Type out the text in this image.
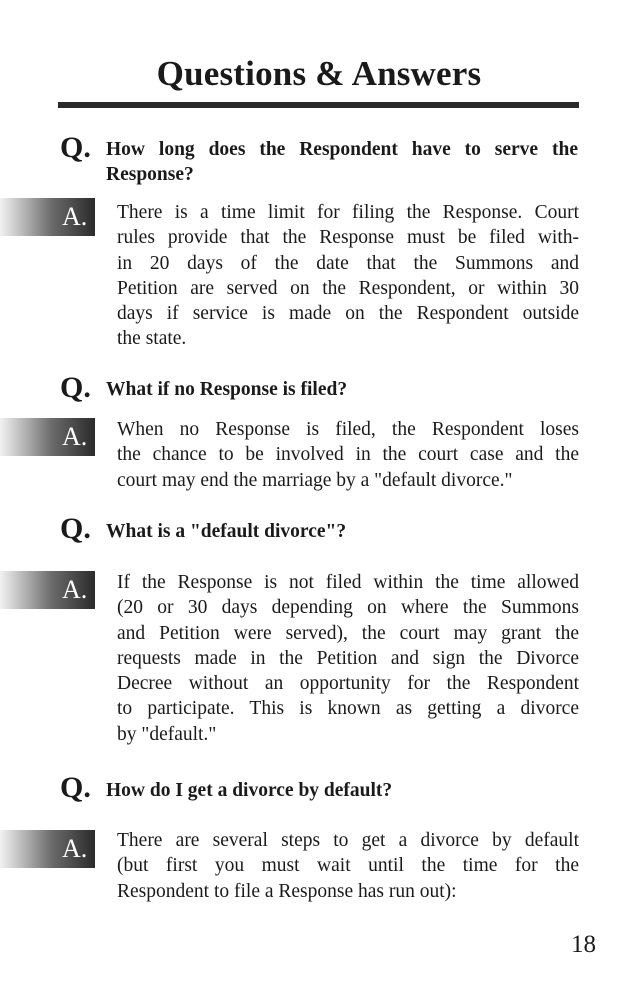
Questions & Answers
Q. How long does the Respondent have to serve the Response?
A. There is a time limit for filing the Response. Court
rules provide that the Response must be filed with-
in 20 days of the date that the Summons and
Petition are served on the Respondent, or within 30
days if service is made on the Respondent outside
the state.
Q. What if no Response is filed?
A. When no Response is filed, the Respondent loses
the chance to be involved in the court case and the
court may end the marriage by a "default divorce."
Q. What is a "default divorce"?
A. If the Response is not filed within the time allowed
(20 or 30 days depending on where the Summons
and Petition were served), the court may grant the
requests made in the Petition and sign the Divorce
Decree without an opportunity for the Respondent
to participate. This is known as getting a divorce
by "default."
Q. How do I get a divorce by default?
A. There are several steps to get a divorce by default
(but first you must wait until the time for the
Respondent to file a Response has run out):
18
